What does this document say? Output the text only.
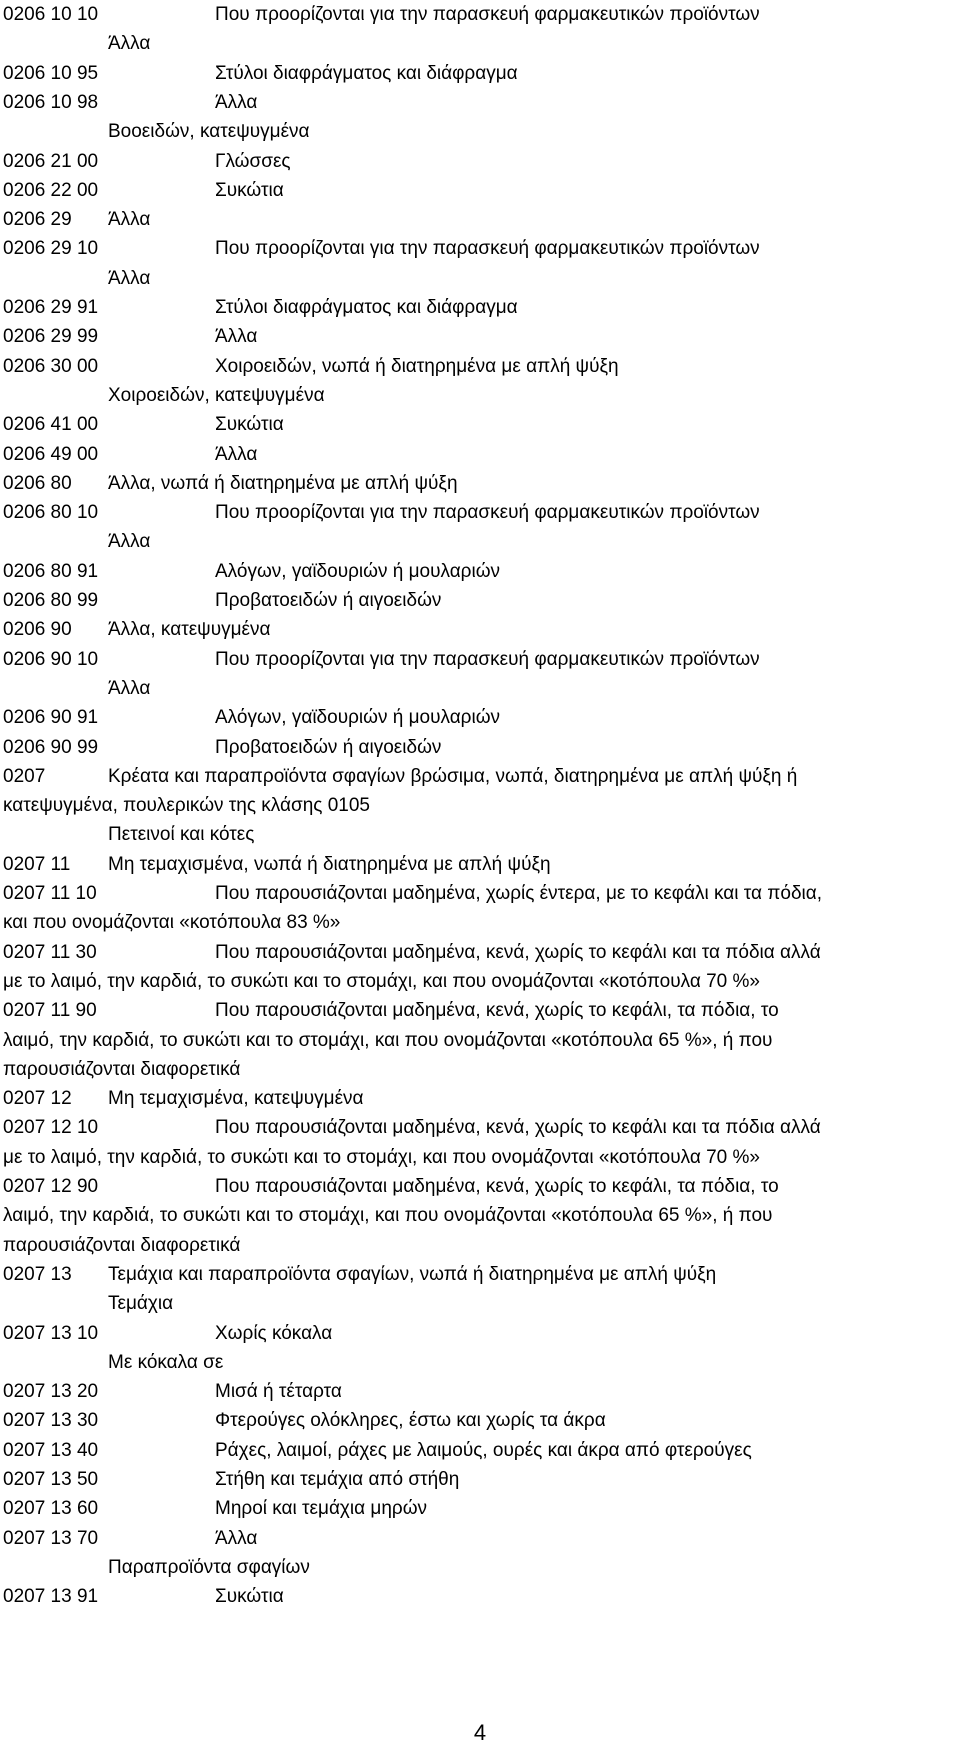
0206 10 10	Που προορίζονται για την παρασκευή φαρμακευτικών προϊόντων
Άλλα
0206 10 95	Στύλοι διαφράγματος και διάφραγμα
0206 10 98	Άλλα
Βοοειδών, κατεψυγμένα
0206 21 00	Γλώσσες
0206 22 00	Συκώτια
0206 29 Άλλα
0206 29 10	Που προορίζονται για την παρασκευή φαρμακευτικών προϊόντων
Άλλα
0206 29 91	Στύλοι διαφράγματος και διάφραγμα
0206 29 99	Άλλα
0206 30 00	Χοιροειδών, νωπά ή διατηρημένα με απλή ψύξη
Χοιροειδών, κατεψυγμένα
0206 41 00	Συκώτια
0206 49 00	Άλλα
0206 80 Άλλα, νωπά ή διατηρημένα με απλή ψύξη
0206 80 10	Που προορίζονται για την παρασκευή φαρμακευτικών προϊόντων
Άλλα
0206 80 91	Αλόγων, γαϊδουριών ή μουλαριών
0206 80 99	Προβατοειδών ή αιγοειδών
0206 90 Άλλα, κατεψυγμένα
0206 90 10	Που προορίζονται για την παρασκευή φαρμακευτικών προϊόντων
Άλλα
0206 90 91	Αλόγων, γαϊδουριών ή μουλαριών
0206 90 99	Προβατοειδών ή αιγοειδών
0207	Κρέατα και παραπροϊόντα σφαγίων βρώσιμα, νωπά, διατηρημένα με απλή ψύξη ή
κατεψυγμένα, πουλερικών της κλάσης 0105
Πετεινοί και κότες
0207 11 Μη τεμαχισμένα, νωπά ή διατηρημένα με απλή ψύξη
0207 11 10	Που παρουσιάζονται μαδημένα, χωρίς έντερα, με το κεφάλι και τα πόδια,
και που ονομάζονται «κοτόπουλα 83 %»
0207 11 30	Που παρουσιάζονται μαδημένα, κενά, χωρίς το κεφάλι και τα πόδια αλλά
με το λαιμό, την καρδιά, το συκώτι και το στομάχι, και που ονομάζονται «κοτόπουλα 70 %»
0207 11 90	Που παρουσιάζονται μαδημένα, κενά, χωρίς το κεφάλι, τα πόδια, το
λαιμό, την καρδιά, το συκώτι και το στομάχι, και που ονομάζονται «κοτόπουλα 65 %», ή που
παρουσιάζονται διαφορετικά
0207 12 Μη τεμαχισμένα, κατεψυγμένα
0207 12 10	Που παρουσιάζονται μαδημένα, κενά, χωρίς το κεφάλι και τα πόδια αλλά
με το λαιμό, την καρδιά, το συκώτι και το στομάχι, και που ονομάζονται «κοτόπουλα 70 %»
0207 12 90	Που παρουσιάζονται μαδημένα, κενά, χωρίς το κεφάλι, τα πόδια, το
λαιμό, την καρδιά, το συκώτι και το στομάχι, και που ονομάζονται «κοτόπουλα 65 %», ή που
παρουσιάζονται διαφορετικά
0207 13 Τεμάχια και παραπροϊόντα σφαγίων, νωπά ή διατηρημένα με απλή ψύξη
Τεμάχια
0207 13 10	Χωρίς κόκαλα
Με κόκαλα σε
0207 13 20	Μισά ή τέταρτα
0207 13 30	Φτερούγες ολόκληρες, έστω και χωρίς τα άκρα
0207 13 40	Ράχες, λαιμοί, ράχες με λαιμούς, ουρές και άκρα από φτερούγες
0207 13 50	Στήθη και τεμάχια από στήθη
0207 13 60	Μηροί και τεμάχια μηρών
0207 13 70	Άλλα
Παραπροϊόντα σφαγίων
0207 13 91	Συκώτια
4
